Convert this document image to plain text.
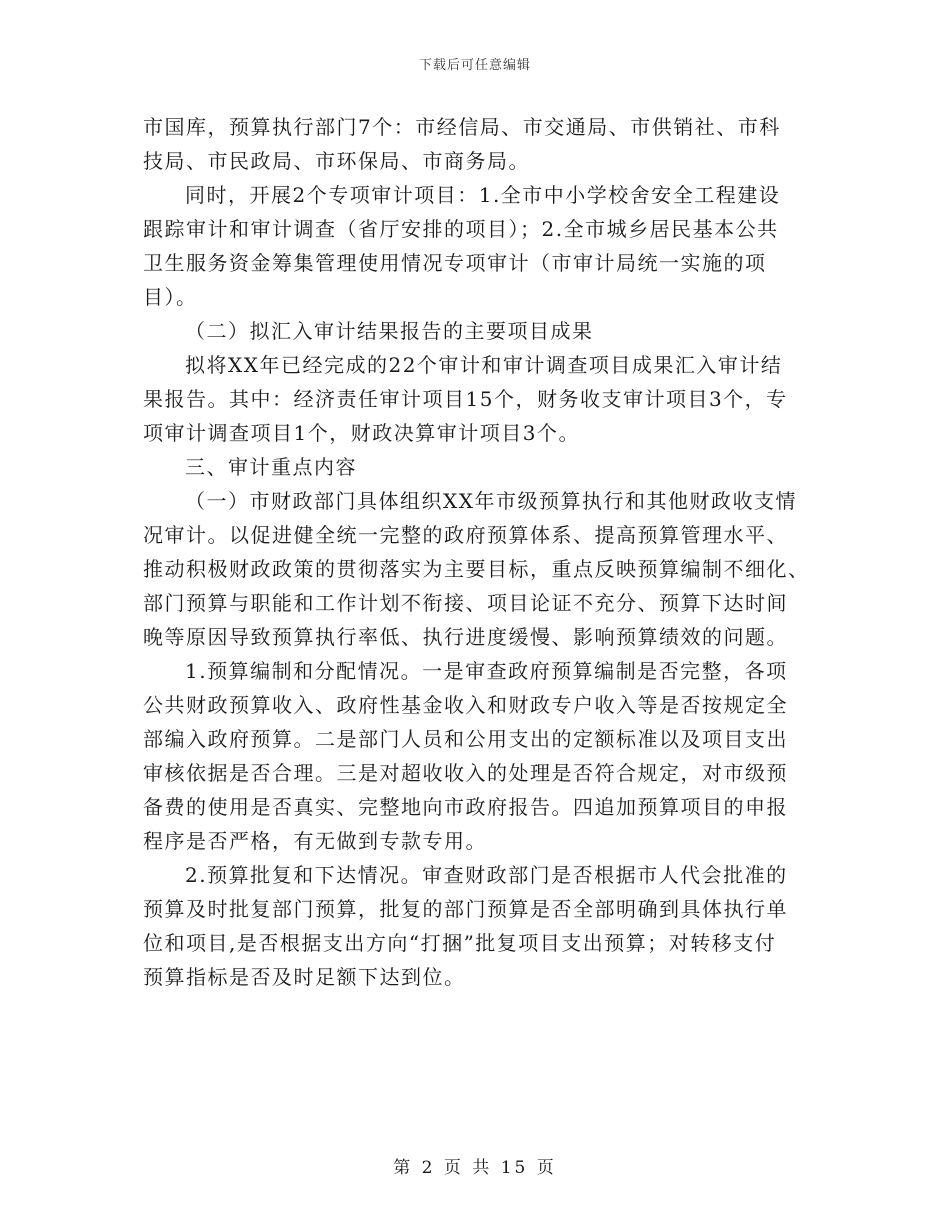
下载后可任意编辑
市国库，预算执行部门7个：市经信局、市交通局、市供销社、市科
技局、市民政局、市环保局、市商务局。
同时，开展2个专项审计项目：1.全市中小学校舍安全工程建设
跟踪审计和审计调查（省厅安排的项目）；2.全市城乡居民基本公共
卫生服务资金筹集管理使用情况专项审计（市审计局统一实施的项
目）。
（二）拟汇入审计结果报告的主要项目成果
拟将XX年已经完成的22个审计和审计调查项目成果汇入审计结
果报告。其中：经济责任审计项目15个，财务收支审计项目3个，专
项审计调查项目1个，财政决算审计项目3个。
三、审计重点内容
（一）市财政部门具体组织XX年市级预算执行和其他财政收支情
况审计。以促进健全统一完整的政府预算体系、提高预算管理水平、
推动积极财政政策的贯彻落实为主要目标，重点反映预算编制不细化、
部门预算与职能和工作计划不衔接、项目论证不充分、预算下达时间
晚等原因导致预算执行率低、执行进度缓慢、影响预算绩效的问题。
1.预算编制和分配情况。一是审查政府预算编制是否完整，各项
公共财政预算收入、政府性基金收入和财政专户收入等是否按规定全
部编入政府预算。二是部门人员和公用支出的定额标准以及项目支出
审核依据是否合理。三是对超收收入的处理是否符合规定，对市级预
备费的使用是否真实、完整地向市政府报告。四追加预算项目的申报
程序是否严格，有无做到专款专用。
2.预算批复和下达情况。审查财政部门是否根据市人代会批准的
预算及时批复部门预算，批复的部门预算是否全部明确到具体执行单
位和项目,是否根据支出方向“打捆”批复项目支出预算；对转移支付
预算指标是否及时足额下达到位。
第 2 页 共 15 页
